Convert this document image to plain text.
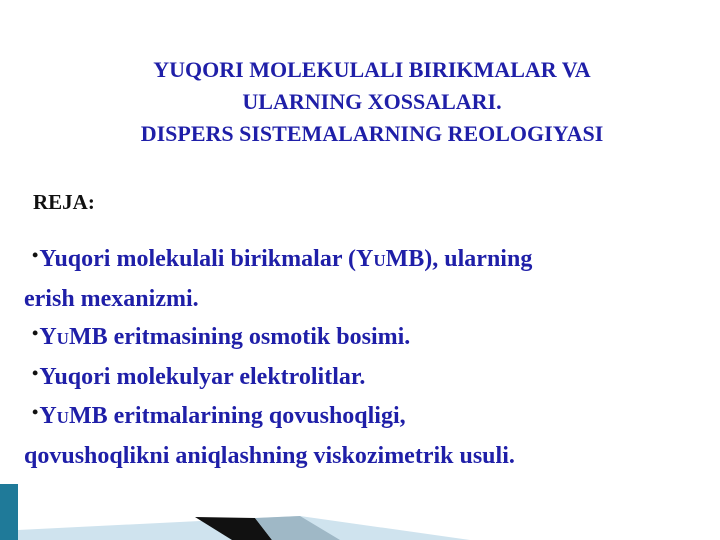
YUQORI MOLEKULALI BIRIKMALAR VA
ULARNING XOSSALARI.
DISPERS SISTEMALARNING REOLOGIYASI
REJA:
•Yuqori molekulali birikmalar (YUMB), ularning
erish mexanizmi.
•YUMB eritmasining osmotik bosimi.
•Yuqori molekulyar elektrolitlar.
•YUMB eritmalarining qovushoqligi,
qovushoqlikni aniqlashning viskozimetrik usuli.
